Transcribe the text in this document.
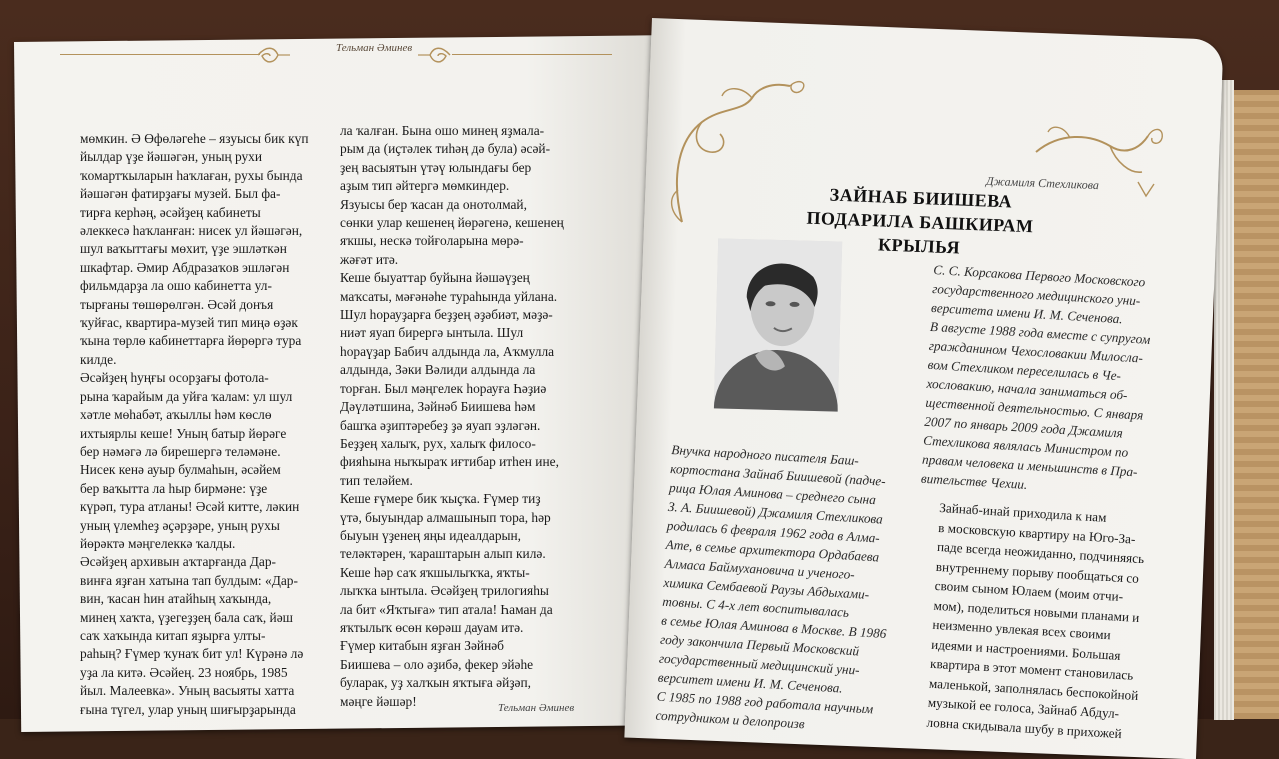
Тельман Әминев
мөмкин. Ә Өфөләгеһе – язуысы бик күп
йылдар үҙе йәшәгән, уның рухи
ҡомартҡыларын һаҡлаған, рухы бында
йәшәгән фатирҙағы музей. Был фа-
тирға керһәң, әсәйҙең кабинеты
әлеккесә һаҡланған: нисек ул йәшәгән,
шул ваҡыттағы мөхит, үҙе эшләткән
шкафтар. Әмир Абдразаҡов эшләгән
фильмдарҙа ла ошо кабинетта ул-
тырғаны төшөрөлгән. Әсәй донъя
ҡуйғас, квартира-музей тип миңә өҙәк
ҡына төрлө кабинеттарға йөрөргә тура
килде.
Әсәйҙең һуңғы осорҙағы фотола-
рына ҡарайым да уйға ҡалам: ул шул
хәтле мөһабәт, аҡыллы һәм көслө
ихтыярлы кеше! Уның батыр йөрәге
бер нәмәгә лә бирешергә теләмәне.
Нисек кенә ауыр булмаһын, әсәйем
бер ваҡытта ла һыр бирмәне: үҙе
күрәп, тура атланы! Әсәй китте, ләкин
уның үлемһеҙ әҫәрҙәре, уның рухы
йөрәктә мәңгелеккә ҡалды.
Әсәйҙең архивын аҡтарғанда Дар-
винға яҙған хатына тап булдым: «Дар-
вин, ҡасан һин атайһың хаҡында,
минең хаҡта, үҙегеҙҙең бала саҡ, йәш
саҡ хаҡында китап яҙырға улты-
раһың? Ғүмер ҡунаҡ бит ул! Күрәнә лә
уҙа ла китә. Әсәйең. 23 ноябрь, 1985
йыл. Малеевка». Уның васыяты хатта
ғына түгел, улар уның шиғырҙарында
ла ҡалған. Бына ошо минең яҙмала-
рым да (иҫтәлек тиһәң дә була) әсәй-
ҙең васыятын үтәү юлындағы бер
аҙым тип әйтергә мөмкиндер.
Язуысы бер ҡасан да онотолмай,
сөнки улар кешенең йөрәгенә, кешенең
яҡшы, нескә тойғоларына мөрә-
жәғәт итә.
Кеше быуаттар буйына йәшәүҙең
маҡсаты, мәғәнәһе тураһында уйлана.
Шул һорауҙарға беҙҙең әҙәбиәт, мәҙә-
ниәт яуап бирергә ынтыла. Шул
һораүҙар Бабич алдында ла, Аҡмулла
алдында, Зәки Вәлиди алдында ла
торған. Был мәңгелек һорауға Һәҙиә
Дәүләтшина, Зәйнәб Биишева һәм
башҡа әҙиптәребеҙ ҙә яуап эҙләгән.
Беҙҙең халыҡ, рух, халыҡ филосо-
фияһына ныҡыраҡ иғтибар итһен ине,
тип теләйем.
Кеше ғүмере бик ҡыҫҡа. Ғүмер тиҙ
үтә, быуындар алмашынып тора, һәр
быуын үҙенең яңы идеалдарын,
теләктәрен, ҡараштарын алып килә.
Кеше һәр саҡ яҡшылыҡҡа, яҡты-
лыҡҡа ынтыла. Әсәйҙең трилогияһы
ла бит «Яҡтыға» тип атала! Һаман да
яҡтылыҡ өсөн көрәш дауам итә.
Ғүмер китабын яҙған Зәйнәб
Биишева – оло әҙибә, фекер эйәһе
буларак, уҙ халҡын яҡтыға әйҙәп,
мәңге йәшәр!	Тельман Әминев
Джамиля Стехликова
ЗАЙНАБ БИИШЕВА
ПОДАРИЛА БАШКИРАМ КРЫЛЬЯ
С. С. Корсакова Первого Московского
государственного медицинского уни-
верситета имени И. М. Сеченова.
В августе 1988 года вместе с супругом
гражданином Чехословакии Милосла-
вом Стехликом переселилась в Че-
хословакию, начала заниматься об-
щественной деятельностью. С января
2007 по январь 2009 года Джамиля
Стехликова являлась Министром по
правам человека и меньшинств в Пра-
вительстве Чехии.
Внучка народного писателя Баш-
кортостана Зайнаб Биишевой (падче-
рица Юлая Аминова – среднего сына
З. А. Биишевой) Джамиля Стехликова
родилась 6 февраля 1962 года в Алма-
Ате, в семье архитектора Ордабаева
Алмаса Баймухановича и ученого-
химика Сембаевой Раузы Абдыхами-
товны. С 4-х лет воспитывалась
в семье Юлая Аминова в Москве. В 1986
году закончила Первый Московский
государственный медицинский уни-
верситет имени И. М. Сеченова.
С 1985 по 1988 год работала научным
сотрудником и делопроизв
Зайнаб-инай приходила к нам
в московскую квартиру на Юго-За-
паде всегда неожиданно, подчиняясь
внутреннему порыву пообщаться со
своим сыном Юлаем (моим отчи-
мом), поделиться новыми планами и
неизменно увлекая всех своими
идеями и настроениями. Большая
квартира в этот момент становилась
маленькой, заполнялась беспокойной
музыкой ее голоса, Зайнаб Абдул-
ловна скидывала шубу в прихожей
